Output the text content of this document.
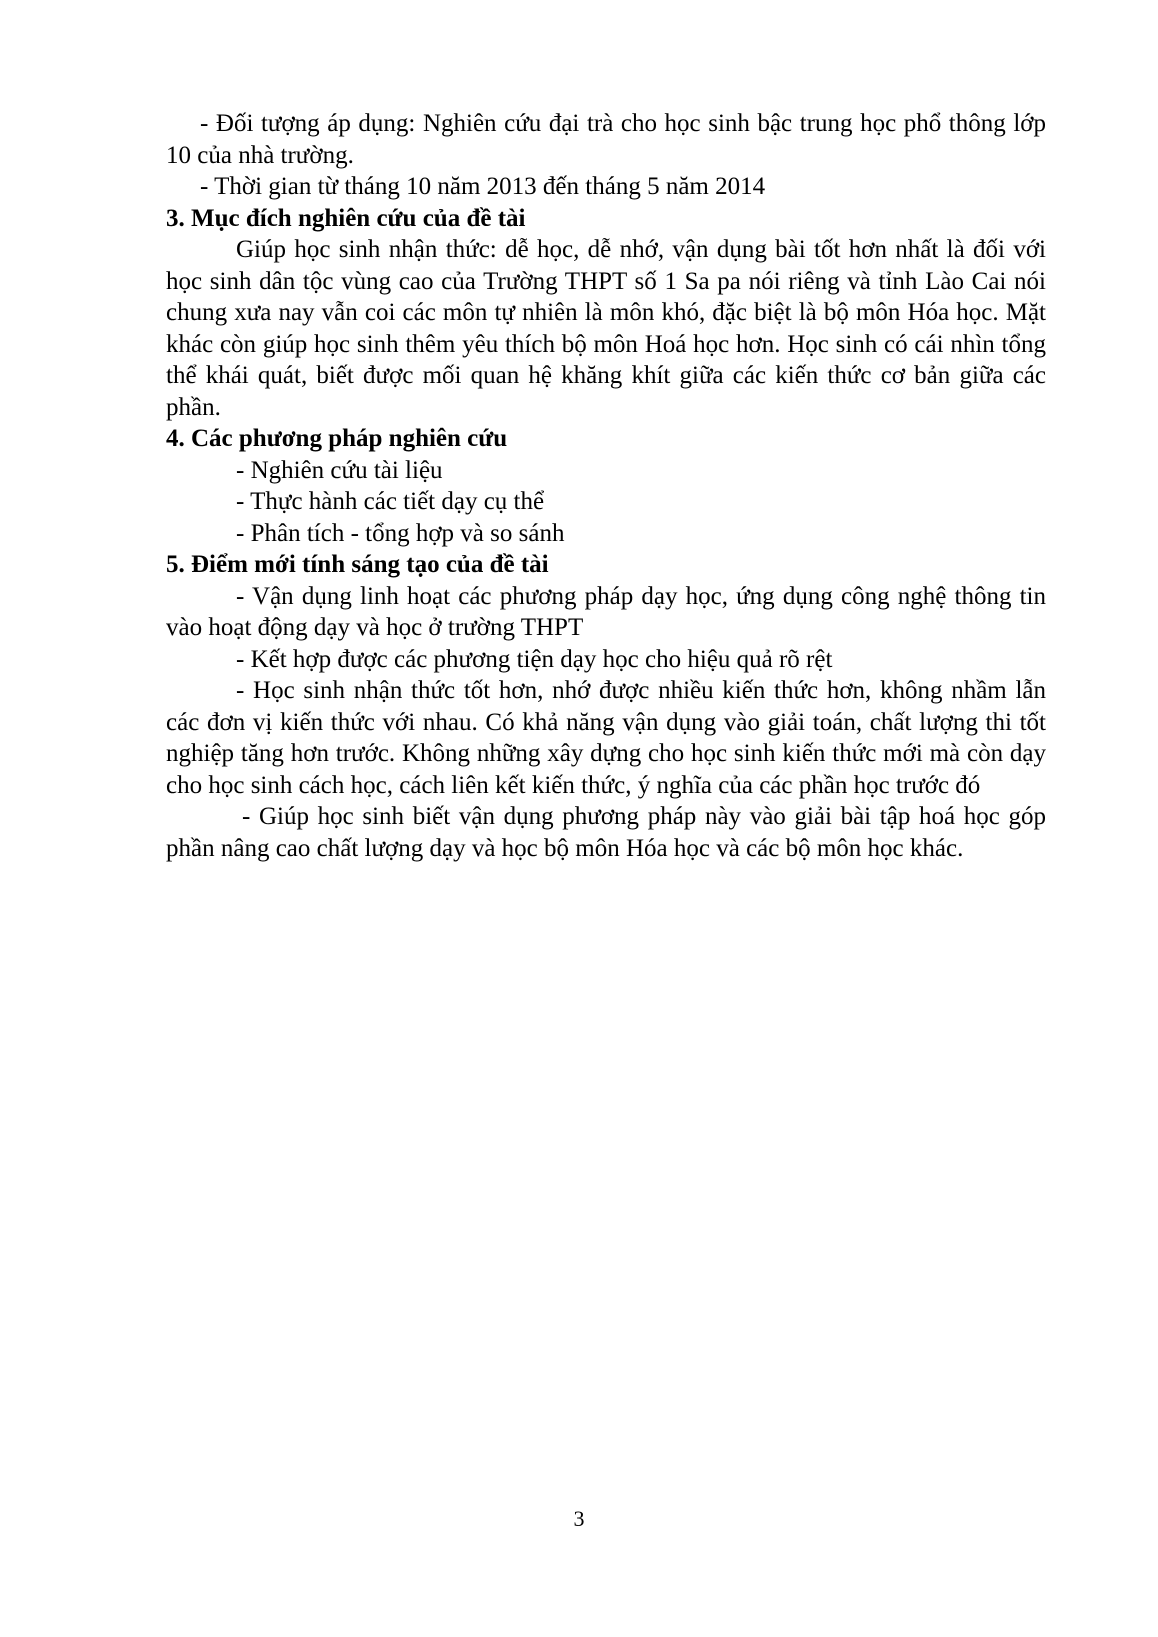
- Đối tượng áp dụng: Nghiên cứu đại trà cho học sinh bậc trung học phổ thông lớp 10 của nhà trường.

- Thời gian từ tháng 10 năm 2013 đến tháng 5 năm 2014

3. Mục đích nghiên cứu của đề tài

Giúp học sinh nhận thức: dễ học, dễ nhớ, vận dụng bài tốt hơn nhất là đối với học sinh dân tộc vùng cao của Trường THPT số 1 Sa pa nói riêng và tỉnh Lào Cai nói chung xưa nay vẫn coi các môn tự nhiên là môn khó, đặc biệt là bộ môn Hóa học. Mặt khác còn giúp học sinh thêm yêu thích bộ môn Hoá học hơn. Học sinh có cái nhìn tổng thể khái quát, biết được mối quan hệ khăng khít giữa các kiến thức cơ bản giữa các phần.

4. Các phương pháp nghiên cứu

- Nghiên cứu tài liệu

- Thực hành các tiết dạy cụ thể

- Phân tích - tổng hợp và so sánh

5. Điểm mới tính sáng tạo của đề tài

- Vận dụng linh hoạt các phương pháp dạy học, ứng dụng công nghệ thông tin vào hoạt động dạy và học ở trường THPT

- Kết hợp được các phương tiện dạy học cho hiệu quả rõ rệt

- Học sinh nhận thức tốt hơn, nhớ được nhiều kiến thức hơn, không nhầm lẫn các đơn vị kiến thức với nhau. Có khả năng vận dụng vào giải toán, chất lượng thi tốt nghiệp tăng hơn trước. Không những xây dựng cho học sinh kiến thức mới mà còn dạy cho học sinh cách học, cách liên kết kiến thức, ý nghĩa của các phần học trước đó

- Giúp học sinh biết vận dụng phương pháp này vào giải bài tập hoá học góp phần nâng cao chất lượng dạy và học bộ môn Hóa học và các bộ môn học khác.

3
